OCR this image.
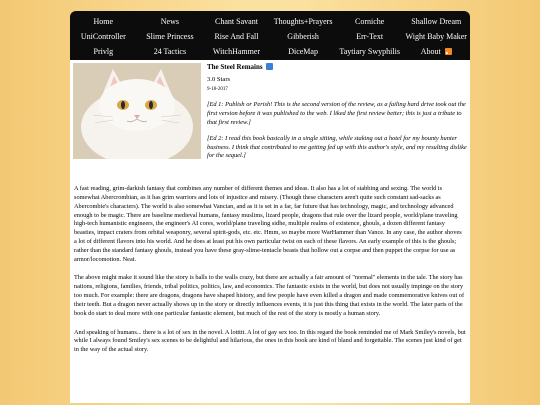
Home	News	Chant Savant	Thoughts+Prayers	Corniche	Shallow Dream
UniController	Slime Princess	Rise And Fall	Gibberish	Err-Text	Wight Baby Maker
Privlg	24 Tactics	WitchHammer	DiceMap	Taytiary Swyphilis	About
The Steel Remains
3.0 Stars
9-18-2017
[Ed 1: Publish or Perish! This is the second version of the review, as a failing hard drive took out the first version before it was published to the web. I liked the first review better; this is just a tribute to that first review.]
[Ed 2: I read this book basically in a single sitting, while staking out a hotel for my bounty hunter business. I think that contributed to me getting fed up with this author's style, and my resulting dislike for the sequel.]

A fast reading, grim-darkish fantasy that combines any number of different themes and ideas. It also has a lot of stabbing and sexing. The world is somewhat Abercrombian, as it has grim warriors and lots of injustice and misery. (Though these characters aren't quite such constant sad-sacks as Abercombie's characters). The world is also somewhat Vancian, and as it is set in a far, far future that has technology, magic, and technology advanced enough to be magic. There are baseline medieval humans, fantasy muslims, lizard people, dragons that rule over the lizard people, world/plane traveling high-tech humanistic engineers, the engineer's AI cores, world/plane traveling sidhe, multiple realms of existence, ghouls, a dozen different fantasy beasties, impact craters from orbital weaponry, several spirit-gods, etc. etc. Hmm, so maybe more WarHammer than Vance. In any case, the author shoves a lot of different flavors into his world. And he does at least put his own particular twist on each of these flavors. An early example of this is the ghouls; rather than the standard fantasy ghouls, instead you have these gray-slime-tentacle beasts that hollow out a corpse and then puppet the corpse for use as armor/locomotion. Neat.

The above might make it sound like the story is balls to the walls crazy, but there are actually a fair amount of "normal" elements in the tale. The story has nations, religions, families, friends, tribal politics, politics, law, and economics. The fantastic exists in the world, but does not usually impinge on the story too much. For example: there are dragons, dragons have shaped history, and few people have even killed a dragon and made commemorative knives out of their teeth. But a dragon never actually shows up in the story or directly influences events, it is just this thing that exists in the world. The later parts of the book do start to deal more with one particular fantastic element, but much of the rest of the story is mostly a human story.

And speaking of humans... there is a lot of sex in the novel. A lottttt. A lot of gay sex too. In this regard the book reminded me of Mark Smiley's novels, but while I always found Smiley's sex scenes to be delightful and hilarious, the ones in this book are kind of bland and forgettable. The scenes just kind of get in the way of the actual story.
